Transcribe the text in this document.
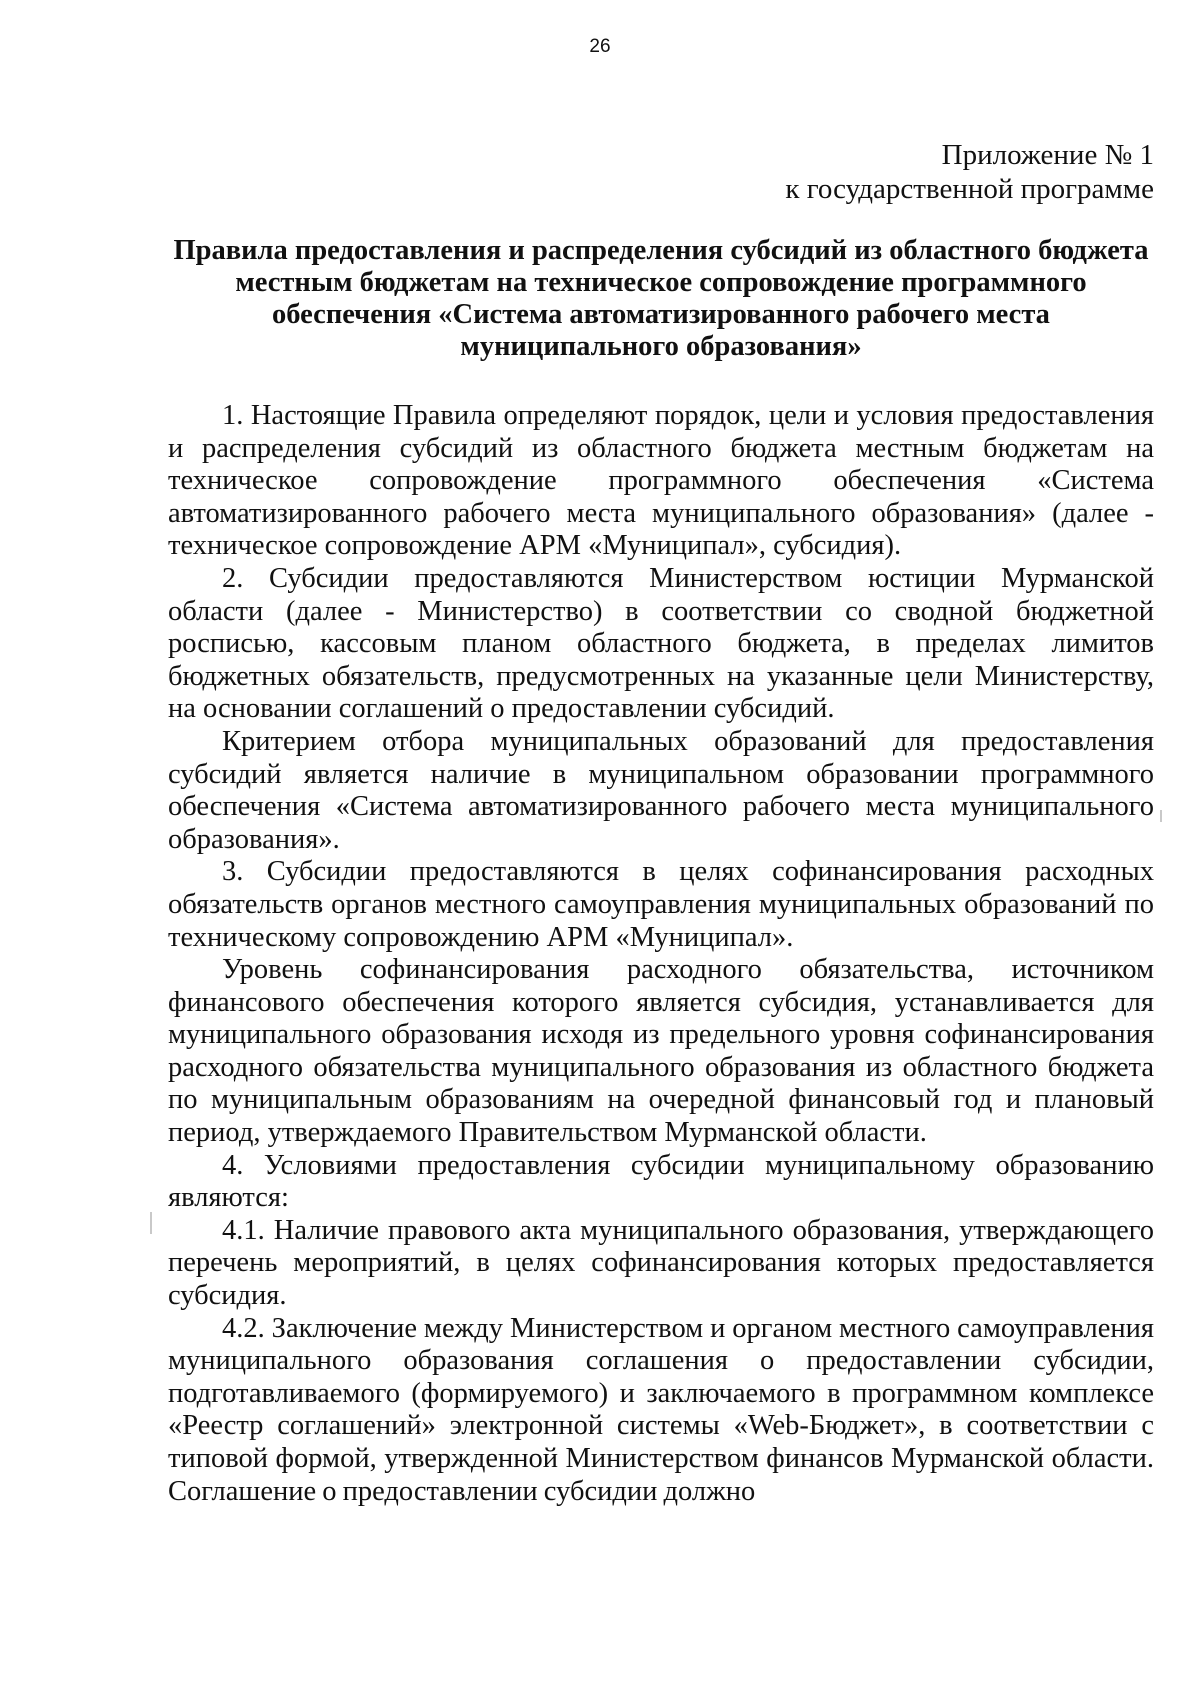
26
Приложение № 1
к государственной программе
Правила предоставления и распределения субсидий из областного бюджета
местным бюджетам на техническое сопровождение программного
обеспечения «Система автоматизированного рабочего места
муниципального образования»

1. Настоящие Правила определяют порядок, цели и условия предоставления и распределения субсидий из областного бюджета местным бюджетам на техническое сопровождение программного обеспечения «Система автоматизированного рабочего места муниципального образования» (далее - техническое сопровождение АРМ «Муниципал», субсидия).

2. Субсидии предоставляются Министерством юстиции Мурманской области (далее - Министерство) в соответствии со сводной бюджетной росписью, кассовым планом областного бюджета, в пределах лимитов бюджетных обязательств, предусмотренных на указанные цели Министерству, на основании соглашений о предоставлении субсидий.

Критерием отбора муниципальных образований для предоставления субсидий является наличие в муниципальном образовании программного обеспечения «Система автоматизированного рабочего места муниципального образования».

3. Субсидии предоставляются в целях софинансирования расходных обязательств органов местного самоуправления муниципальных образований по техническому сопровождению АРМ «Муниципал».

Уровень софинансирования расходного обязательства, источником финансового обеспечения которого является субсидия, устанавливается для муниципального образования исходя из предельного уровня софинансирования расходного обязательства муниципального образования из областного бюджета по муниципальным образованиям на очередной финансовый год и плановый период, утверждаемого Правительством Мурманской области.

4. Условиями предоставления субсидии муниципальному образованию являются:

4.1. Наличие правового акта муниципального образования, утверждающего перечень мероприятий, в целях софинансирования которых предоставляется субсидия.

4.2. Заключение между Министерством и органом местного самоуправления муниципального образования соглашения о предоставлении субсидии, подготавливаемого (формируемого) и заключаемого в программном комплексе «Реестр соглашений» электронной системы «Web-Бюджет», в соответствии с типовой формой, утвержденной Министерством финансов Мурманской области. Соглашение о предоставлении субсидии должно
